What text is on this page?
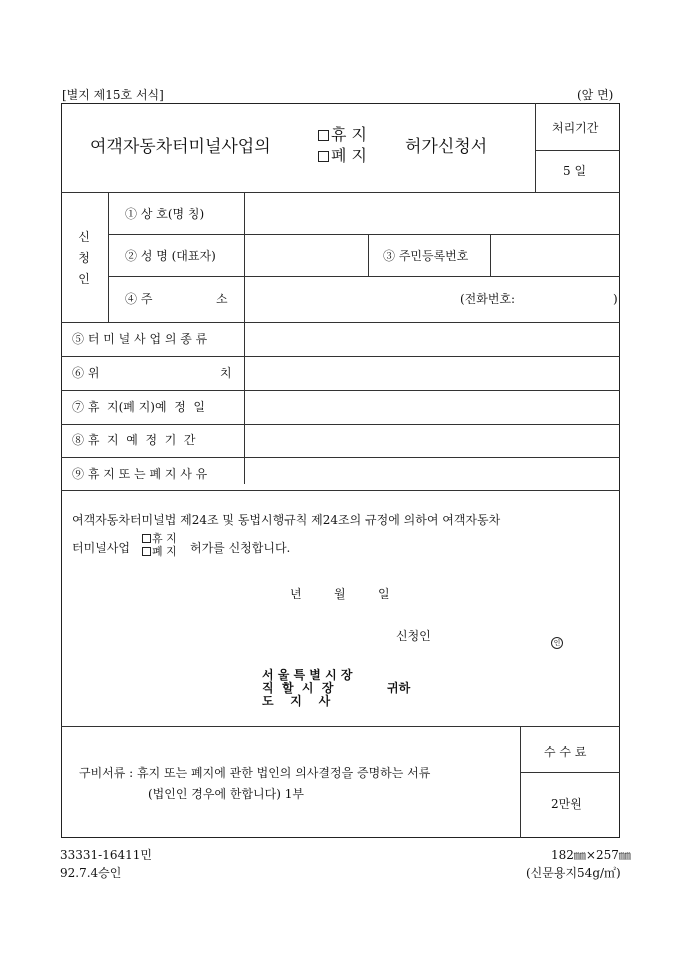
[별지 제15호 서식]	(앞 면)
여객자동차터미널사업의
휴 지
폐 지 허가신청서
처리기간
5 일
신
청
인
① 상 호(명 칭)
② 성 명 (대표자)	③ 주민등록번호
④ 주	소	(전화번호:	)
⑤ 터 미 널 사 업 의 종 류
⑥ 위	치
⑦ 휴  지(폐 지)예  정  일
⑧ 휴  지  예  정  기  간
⑨ 휴 지 또 는 폐 지 사 유
여객자동차터미널법 제24조 및 동법시행규칙 제24조의 규정에 의하여 여객자동차
터미널사업
휴 지
폐 지 허가를 신청합니다.
년	월	일
신청인	인
서 울 특 별 시 장
직  할  시  장
도    지    사
귀하
구비서류 : 휴지 또는 폐지에 관한 법인의 의사결정을 증명하는 서류
(법인인 경우에 한합니다) 1부
수 수 료
2만원
33331-16411민
92.7.4승인
182㎜×257㎜
(신문용지54g/㎡)
